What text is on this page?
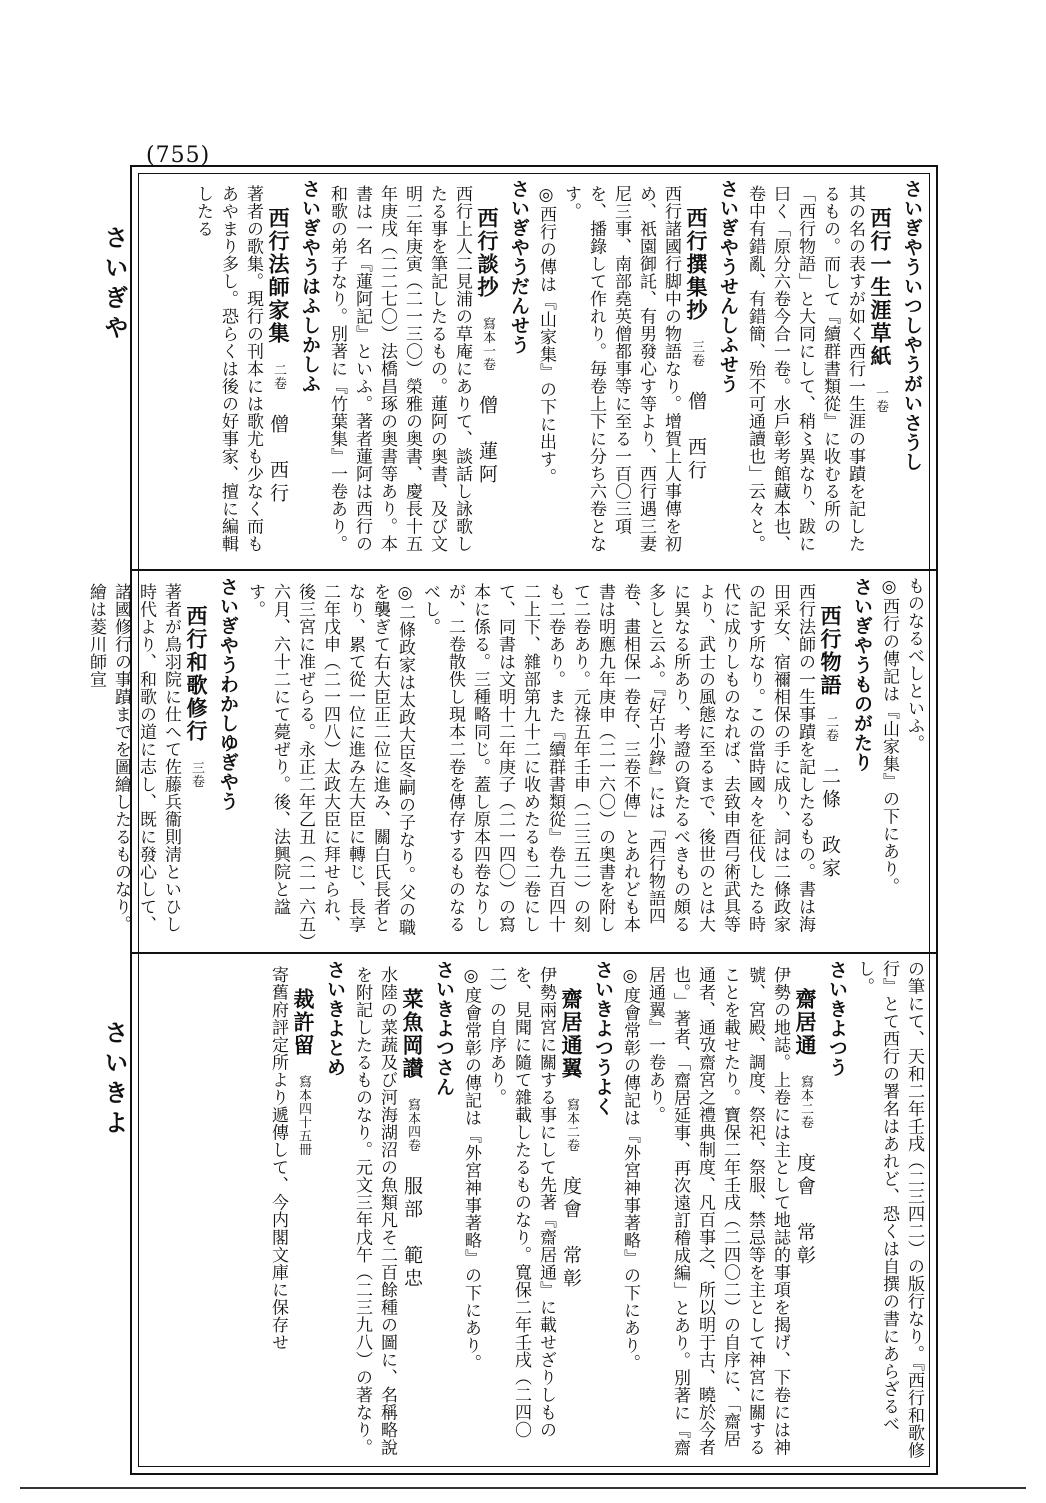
(755)
さいぎや
さいきよ
さいぎやういつしやうがいさうし
西行一生涯草紙一卷
其の名の表すが如く西行一生涯の事蹟を記したるもの。而して『續群書類從』に收むる所の「西行物語」と大同にして、稍〻異なり、跋に曰く「原分六卷今合一卷。水戶彰考館藏本也、卷中有錯亂、有錯簡、殆不可通讀也」云々と。
さいぎやうせんしふせう
西行撰集抄三卷僧　西行
西行諸國行脚中の物語なり。增賀上人事傳を初め、祇園御託、有男發心す等より、西行遇三妻尼三事、南部堯英僧都事等に至る一百〇三項を、播錄して作れり。毎卷上下に分ち六卷となす。
◎西行の傳は『山家集』の下に出す。
さいぎやうだんせう
西行談抄寫本一卷僧　蓮阿
西行上人二見浦の草庵にありて、談話し詠歌したる事を筆記したるもの。蓮阿の奥書、及び文明二年庚寅（二一三〇）榮雅の奥書、慶長十五年庚戌（二二七〇）法橋昌琢の奥書等あり。本書は一名『蓮阿記』といふ。著者蓮阿は西行の和歌の弟子なり。別著に『竹葉集』一卷あり。
さいぎやうはふしかしふ
西行法師家集二卷僧　西行
著者の歌集。現行の刊本には歌尤も少なく而もあやまり多し。恐らくは後の好事家、擅に編輯したる
ものなるべしといふ。
◎西行の傳記は『山家集』の下にあり。
さいぎやうものがたり
西行物語二卷二條　政家
西行法師の一生事蹟を記したるもの。書は海田采女、宿禰相保の手に成り、詞は二條政家の記す所なり。この當時國々を征伐したる時代に成りしものなれば、去致申酉弓術武具等より、武士の風態に至るまで、後世のとは大に異なる所あり、考證の資たるべきもの頗る多しと云ふ。『好古小錄』には「西行物語四卷、畫相保一卷存、三卷不傳」とあれども本書は明應九年庚申（二一六〇）の奥書を附して二卷あり。元祿五年壬申（二三五二）の刻も二卷あり。また『續群書類從』卷九百四十二上下、雜部第九十二に收めたるも二卷にして、同書は文明十二年庚子（二一四〇）の寫本に係る。三種略同じ。蓋し原本四卷なりしが、二卷散佚し現本二卷を傳存するものなるべし。
◎二條政家は太政大臣冬嗣の子なり。父の職を襲ぎて右大臣正二位に進み、關白氏長者となり、累て從一位に進み左大臣に轉じ、長享二年戊申（二一四八）太政大臣に拜せられ、後三宮に准ぜらる。永正二年乙丑（二一六五）六月、六十二にて薨ぜり。後、法興院と諡す。
さいぎやうわかしゆぎやう
西行和歌修行三卷
著者が鳥羽院に仕へて佐藤兵衞則淸といひし時代より、和歌の道に志し、既に發心して、諸國修行の事蹟までを圖繪したるものなり。繪は菱川師宣
の筆にて、天和二年壬戌（二三四二）の版行なり。『西行和歌修行』とて西行の署名はあれど、恐くは自撰の書にあらざるべし。
さいきよつう
齋居通寫本二卷度會　常彰
伊勢の地誌。上卷には主として地誌的事項を揭げ、下卷には神號、宮殿、調度、祭祀、祭服、禁忌等を主として神宮に關することを載せたり。寶保二年壬戌（二四〇二）の自序に、「齋居通者、通攷齋宮之禮典制度、凡百事之、所以明于古、曉於今者也。」著者、「齋居延事、再次遠訂稽成編」とあり。別著に『齋居通翼』一卷あり。
◎度會常彰の傳記は『外宮神事著略』の下にあり。
さいきよつうよく
齋居通翼寫本二卷度會　常彰
伊勢兩宮に關する事にして先著『齋居通』に載せざりしものを、見聞に隨て雜載したるものなり。寬保二年壬戌（二四〇二）の自序あり。
◎度會常彰の傳記は『外宮神事著略』の下にあり。
さいきよつさん
菜魚岡讃寫本四卷服部　範忠
水陸の菜蔬及び河海湖沼の魚類凡そ二百餘種の圖に、名稱略說を附記したるものなり。元文三年戊午（二三九八）の著なり。
さいきよとめ
裁許留寫本四十五冊
寄舊府評定所より遞傳して、今内閣文庫に保存せ
